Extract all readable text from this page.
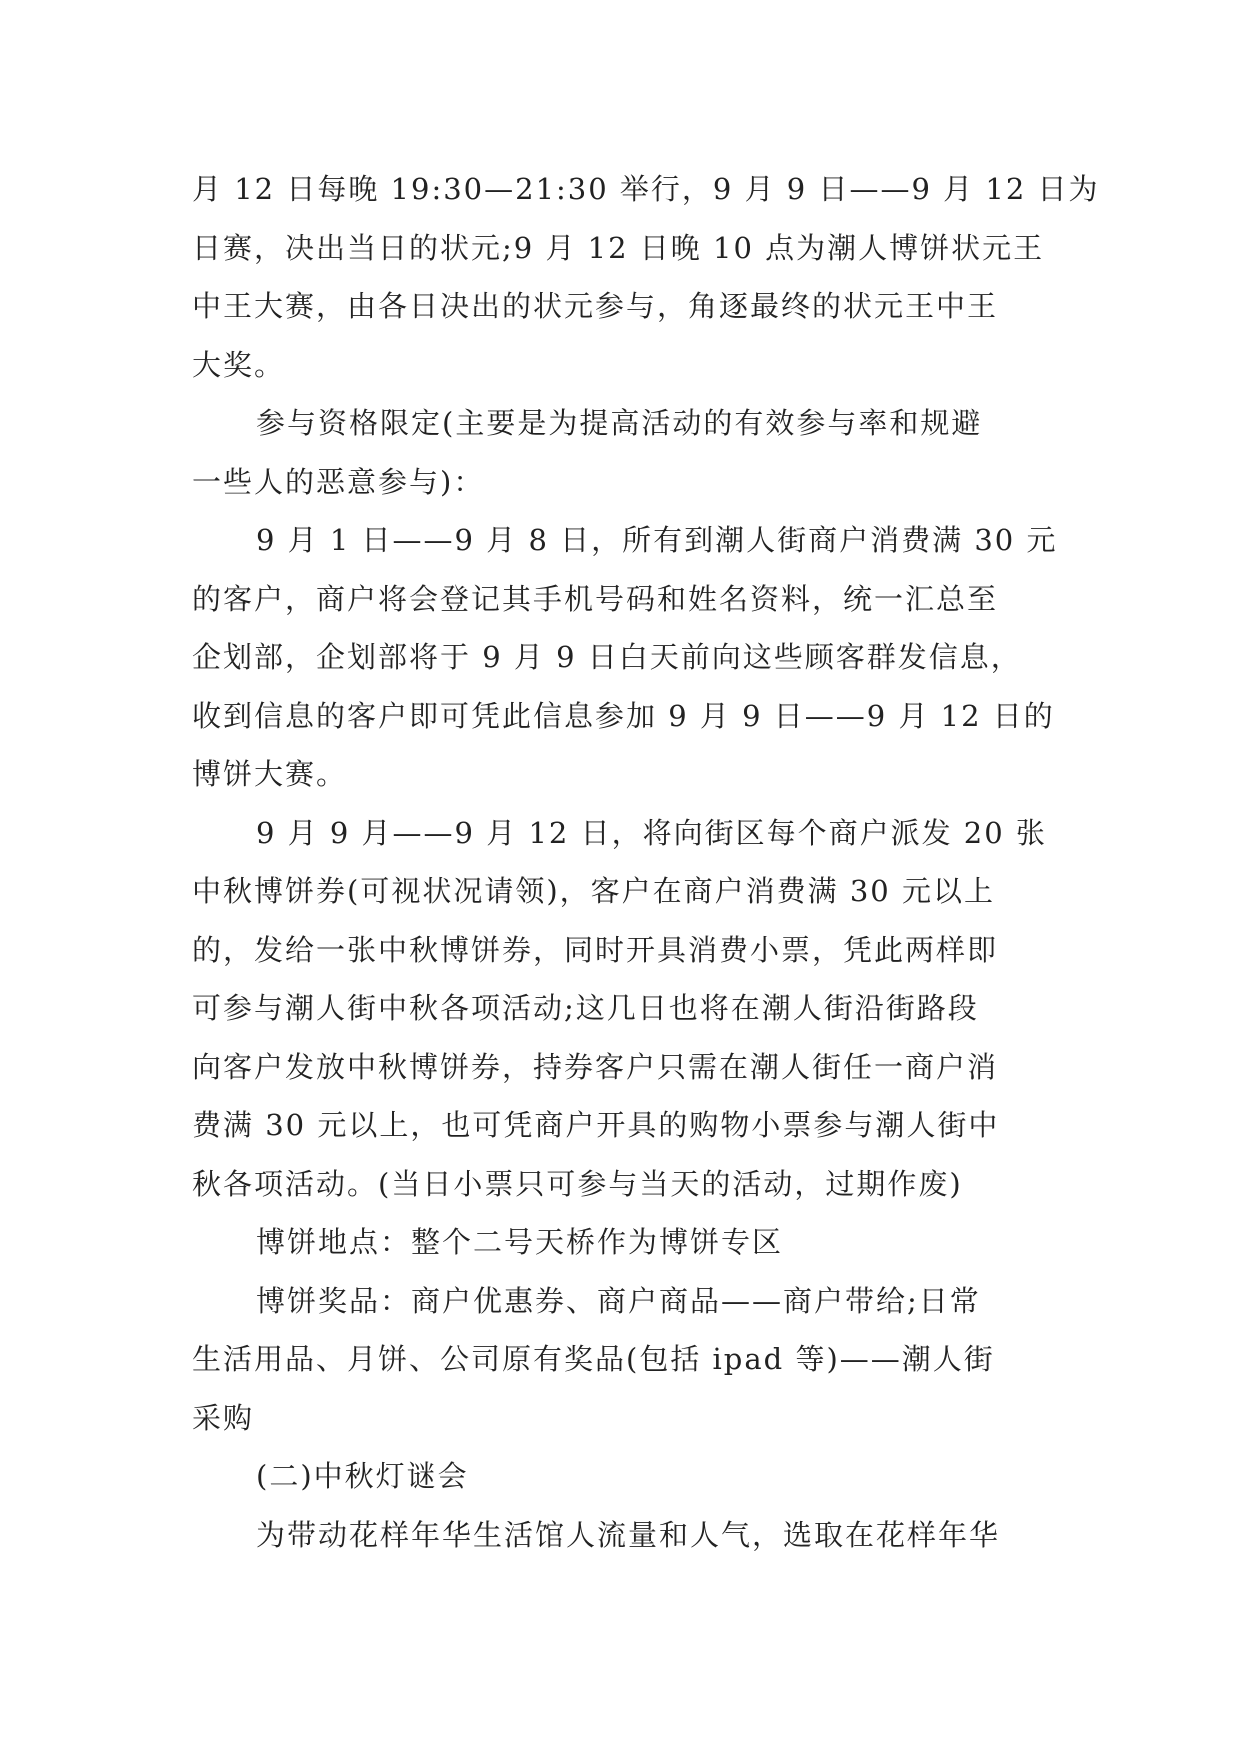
月 12 日每晚 19:30—21:30 举行，9 月 9 日——9 月 12 日为
日赛，决出当日的状元;9 月 12 日晚 10 点为潮人博饼状元王
中王大赛，由各日决出的状元参与，角逐最终的状元王中王
大奖。
参与资格限定(主要是为提高活动的有效参与率和规避
一些人的恶意参与)：
9 月 1 日——9 月 8 日，所有到潮人街商户消费满 30 元
的客户，商户将会登记其手机号码和姓名资料，统一汇总至
企划部，企划部将于 9 月 9 日白天前向这些顾客群发信息，
收到信息的客户即可凭此信息参加 9 月 9 日——9 月 12 日的
博饼大赛。
9 月 9 月——9 月 12 日，将向街区每个商户派发 20 张
中秋博饼券(可视状况请领)，客户在商户消费满 30 元以上
的，发给一张中秋博饼券，同时开具消费小票，凭此两样即
可参与潮人街中秋各项活动;这几日也将在潮人街沿街路段
向客户发放中秋博饼券，持券客户只需在潮人街任一商户消
费满 30 元以上，也可凭商户开具的购物小票参与潮人街中
秋各项活动。(当日小票只可参与当天的活动，过期作废)
博饼地点：整个二号天桥作为博饼专区
博饼奖品：商户优惠券、商户商品——商户带给;日常
生活用品、月饼、公司原有奖品(包括 ipad 等)——潮人街
采购
(二)中秋灯谜会
为带动花样年华生活馆人流量和人气，选取在花样年华
